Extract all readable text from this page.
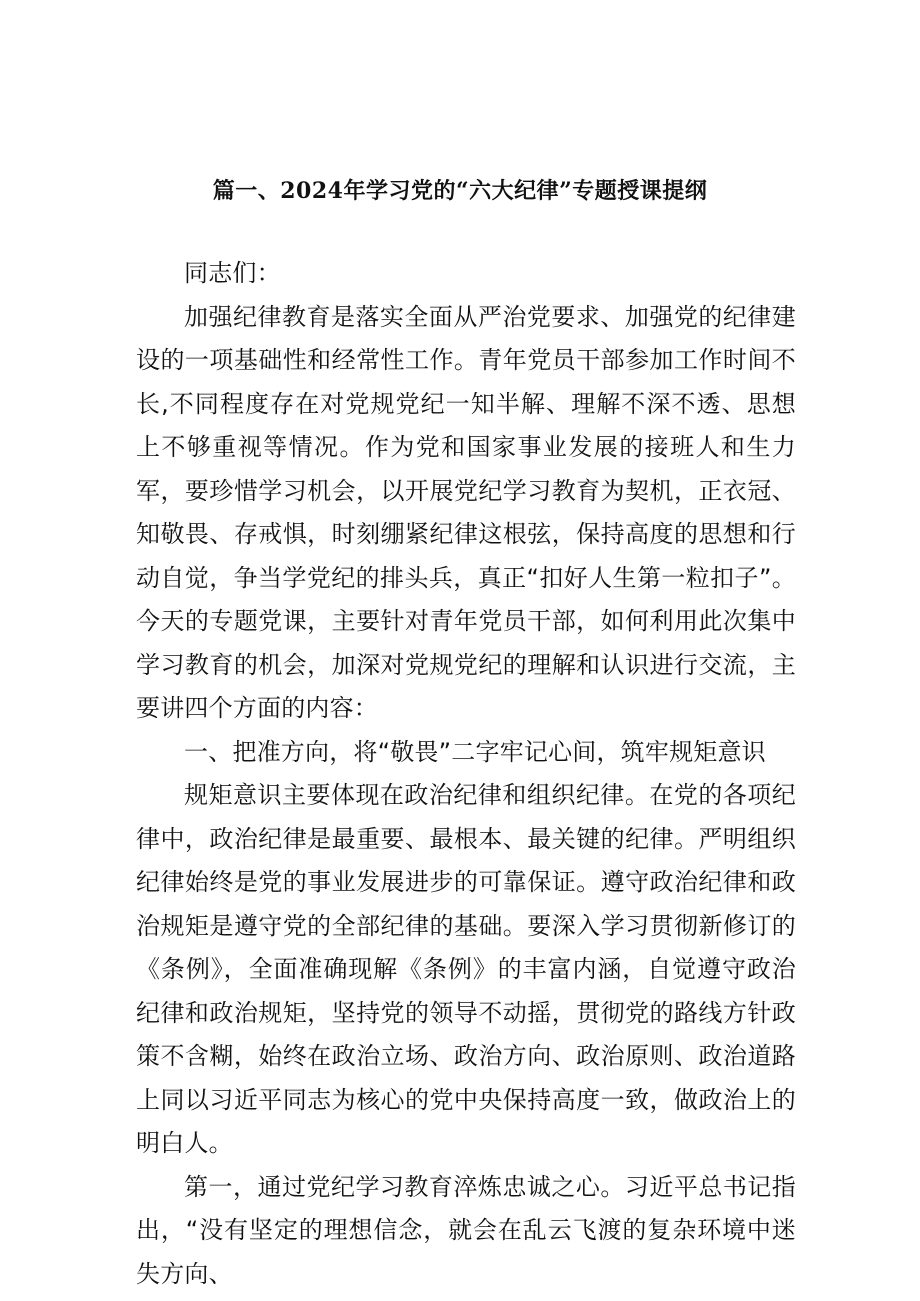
篇一、2024年学习党的“六大纪律”专题授课提纲

同志们：

加强纪律教育是落实全面从严治党要求、加强党的纪律建设的一项基础性和经常性工作。青年党员干部参加工作时间不长,不同程度存在对党规党纪一知半解、理解不深不透、思想上不够重视等情况。作为党和国家事业发展的接班人和生力军，要珍惜学习机会，以开展党纪学习教育为契机，正衣冠、知敬畏、存戒惧，时刻绷紧纪律这根弦，保持高度的思想和行动自觉，争当学党纪的排头兵，真正“扣好人生第一粒扣子”。今天的专题党课，主要针对青年党员干部，如何利用此次集中学习教育的机会，加深对党规党纪的理解和认识进行交流，主要讲四个方面的内容：

一、把准方向，将“敬畏”二字牢记心间，筑牢规矩意识

规矩意识主要体现在政治纪律和组织纪律。在党的各项纪律中，政治纪律是最重要、最根本、最关键的纪律。严明组织纪律始终是党的事业发展进步的可靠保证。遵守政治纪律和政治规矩是遵守党的全部纪律的基础。要深入学习贯彻新修订的《条例》，全面准确现解《条例》的丰富内涵，自觉遵守政治纪律和政治规矩，坚持党的领导不动摇，贯彻党的路线方针政策不含糊，始终在政治立场、政治方向、政治原则、政治道路上同以习近平同志为核心的党中央保持高度一致，做政治上的明白人。

第一，通过党纪学习教育淬炼忠诚之心。习近平总书记指出，“没有坚定的理想信念，就会在乱云飞渡的复杂环境中迷失方向、
